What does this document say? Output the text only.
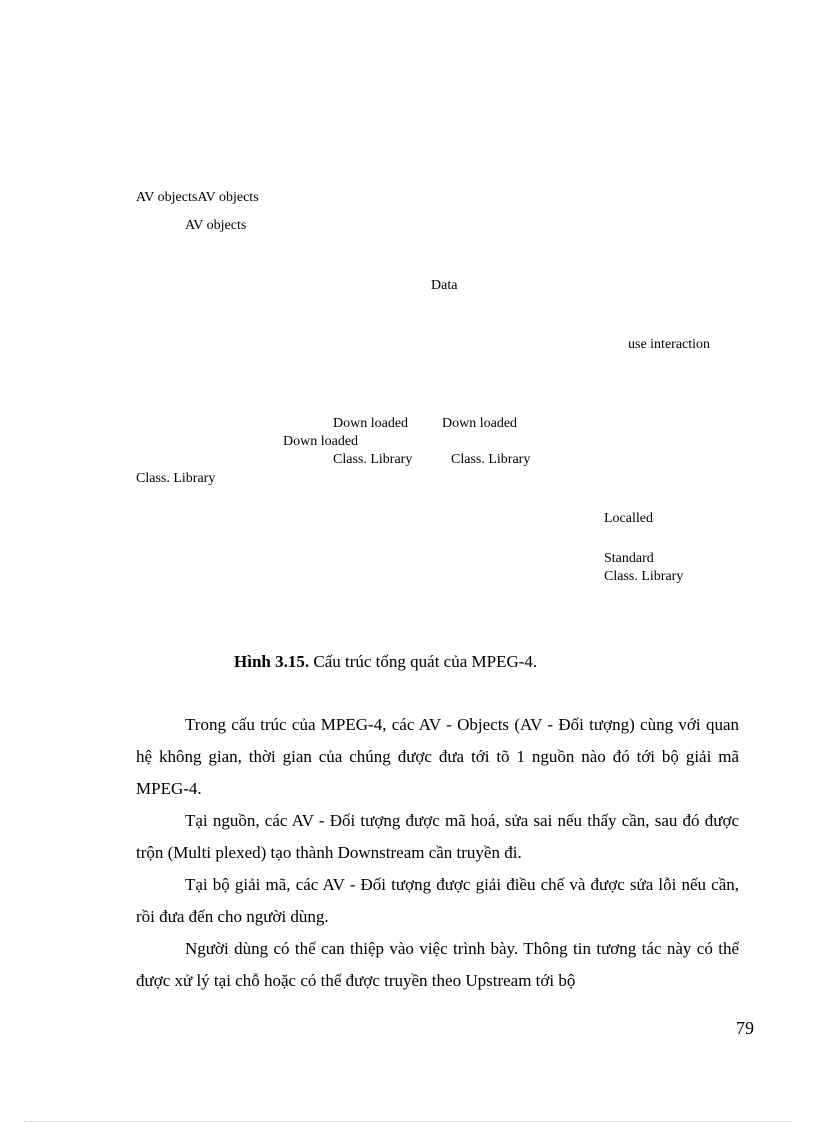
AV objectsAV objects
AV objects
Data
use interaction
Down loaded Down loaded
Down loaded
Class. Library	Class. Library
Class. Library
Localled
Standard
Class. Library
Hình 3.15. Cấu trúc tổng quát của MPEG-4.

Trong cấu trúc của MPEG-4, các AV - Objects (AV - Đối tượng) cùng với quan hệ không gian, thời gian của chúng được đưa tới tõ 1 nguồn nào đó tới bộ giải mã MPEG-4.

Tại nguồn, các AV - Đối tượng được mã hoá, sửa sai nếu thấy cần, sau đó được trộn (Multi plexed) tạo thành Downstream cần truyền đi.

Tại bộ giải mã, các AV - Đối tượng được giải điều chế và được sửa lỗi nếu cần, rồi đưa đến cho người dùng.

Người dùng có thể can thiệp vào việc trình bày. Thông tin tương tác này có thể được xử lý tại chỗ hoặc có thể được truyền theo Upstream tới bộ

79
